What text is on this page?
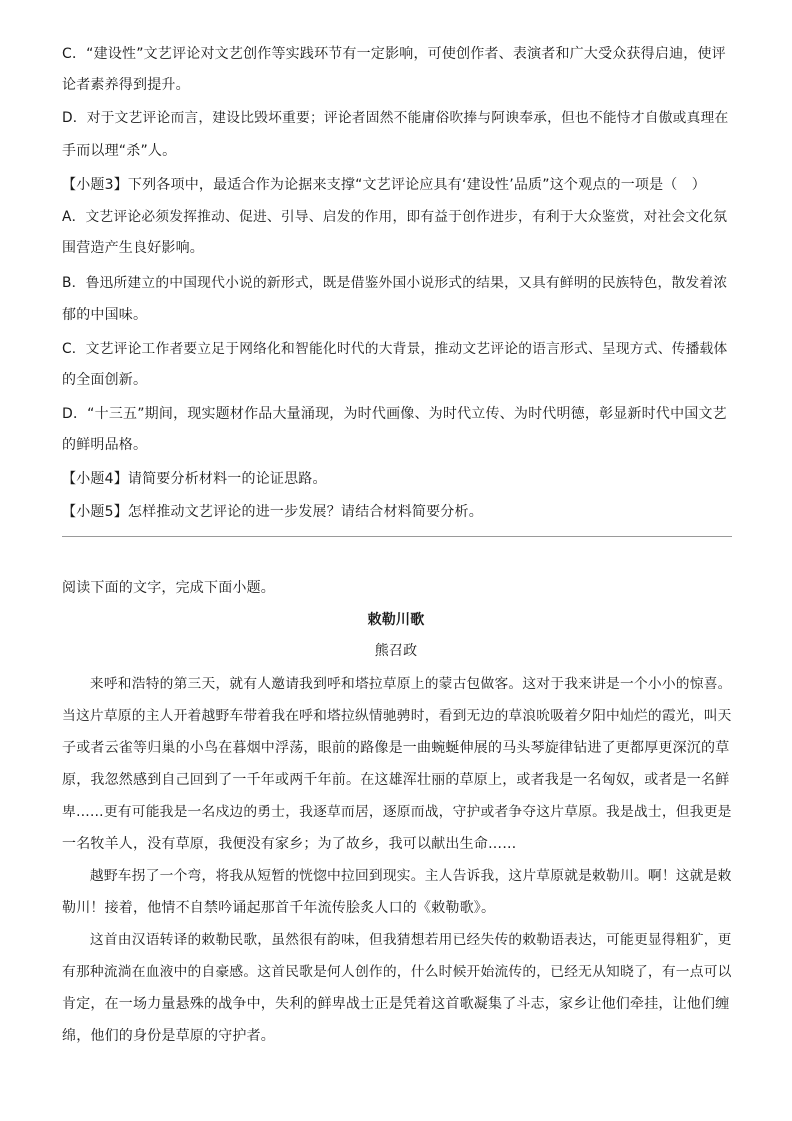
C．“建设性”文艺评论对文艺创作等实践环节有一定影响，可使创作者、表演者和广大受众获得启迪，使评
论者素养得到提升。
D．对于文艺评论而言，建设比毁坏重要；评论者固然不能庸俗吹捧与阿谀奉承，但也不能恃才自傲或真理在
手而以理“杀”人。
【小题3】下列各项中，最适合作为论据来支撑“文艺评论应具有‘建设性’品质”这个观点的一项是（　）
A．文艺评论必须发挥推动、促进、引导、启发的作用，即有益于创作进步，有利于大众鉴赏，对社会文化氛
围营造产生良好影响。
B．鲁迅所建立的中国现代小说的新形式，既是借鉴外国小说形式的结果，又具有鲜明的民族特色，散发着浓
郁的中国味。
C．文艺评论工作者要立足于网络化和智能化时代的大背景，推动文艺评论的语言形式、呈现方式、传播载体
的全面创新。
D．“十三五”期间，现实题材作品大量涌现，为时代画像、为时代立传、为时代明德，彰显新时代中国文艺
的鲜明品格。
【小题4】请简要分析材料一的论证思路。
【小题5】怎样推动文艺评论的进一步发展？请结合材料简要分析。
阅读下面的文字，完成下面小题。
敕勒川歌
熊召政
　　来呼和浩特的第三天，就有人邀请我到呼和塔拉草原上的蒙古包做客。这对于我来讲是一个小小的惊喜。
当这片草原的主人开着越野车带着我在呼和塔拉纵情驰骋时，看到无边的草浪吮吸着夕阳中灿烂的霞光，叫天
子或者云雀等归巢的小鸟在暮烟中浮荡，眼前的路像是一曲蜿蜒伸展的马头琴旋律钻进了更都厚更深沉的草
原，我忽然感到自己回到了一千年或两千年前。在这雄浑壮丽的草原上，或者我是一名匈奴，或者是一名鲜
卑……更有可能我是一名戍边的勇士，我逐草而居，逐原而战，守护或者争夺这片草原。我是战士，但我更是
一名牧羊人，没有草原，我便没有家乡；为了故乡，我可以献出生命……
　　越野车拐了一个弯，将我从短暂的恍惚中拉回到现实。主人告诉我，这片草原就是敕勒川。啊！这就是敕
勒川！接着，他情不自禁吟诵起那首千年流传脍炙人口的《敕勒歌》。
　　这首由汉语转译的敕勒民歌，虽然很有韵味，但我猜想若用已经失传的敕勒语表达，可能更显得粗犷，更
有那种流淌在血液中的自豪感。这首民歌是何人创作的，什么时候开始流传的，已经无从知晓了，有一点可以
肯定，在一场力量悬殊的战争中，失利的鲜卑战士正是凭着这首歌凝集了斗志，家乡让他们牵挂，让他们缠
绵，他们的身份是草原的守护者。
